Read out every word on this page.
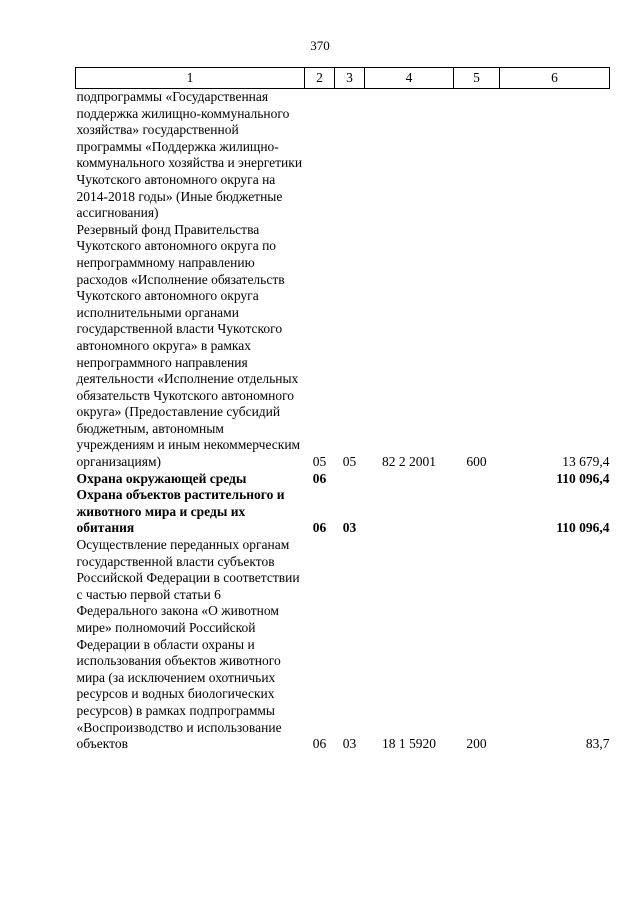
370
1	2	3	4	5	6
подпрограммы «Государственная поддержка жилищно-коммунального хозяйства» государственной программы «Поддержка жилищно-коммунального хозяйства и энергетики Чукотского автономного округа на 2014-2018 годы» (Иные бюджетные ассигнования)					
Резервный фонд Правительства Чукотского автономного округа по непрограммному направлению расходов «Исполнение обязательств Чукотского автономного округа исполнительными органами государственной власти Чукотского автономного округа» в рамках непрограммного направления деятельности «Исполнение отдельных обязательств Чукотского автономного округа» (Предоставление субсидий бюджетным, автономным учреждениям и иным некоммерческим организациям)	05	05	82 2 2001	600	13 679,4
Охрана окружающей среды	06				110 096,4
Охрана объектов растительного и животного мира и среды их обитания	06	03			110 096,4
Осуществление переданных органам государственной власти субъектов Российской Федерации в соответствии с частью первой статьи 6 Федерального закона «О животном мире» полномочий Российской Федерации в области охраны и использования объектов животного мира (за исключением охотничьих ресурсов и водных биологических ресурсов) в рамках подпрограммы «Воспроизводство и использование объектов	06	03	18 1 5920	200	83,7
